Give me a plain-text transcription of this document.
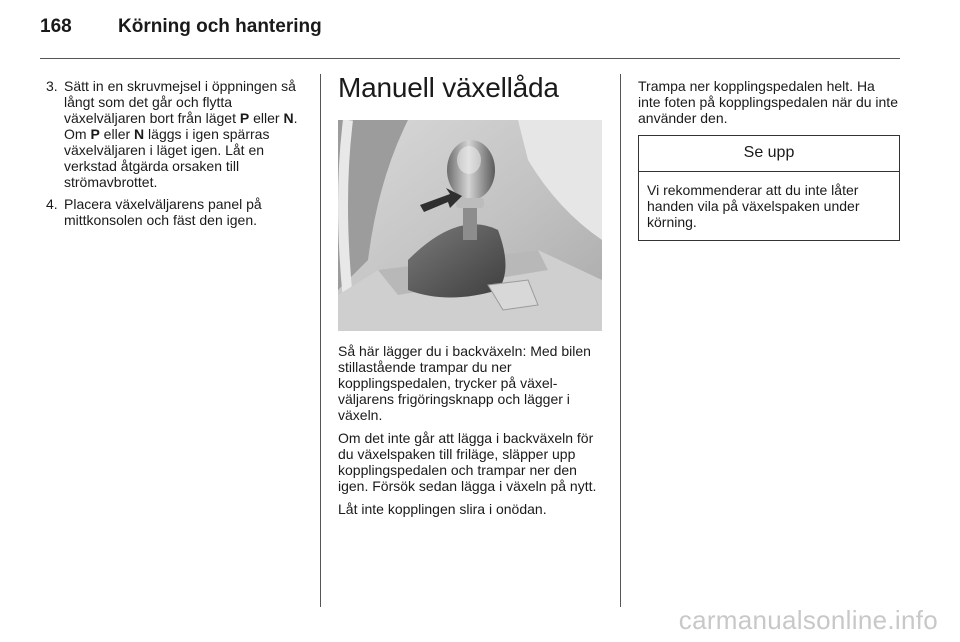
168	Körning och hantering
3. Sätt in en skruvmejsel i öppningen så långt som det går och flytta växelväljaren bort från läget P eller N. Om P eller N läggs i igen spärras växelväljaren i läget igen. Låt en verkstad åtgärda orsaken till strömavbrottet.
4. Placera växelväljarens panel på mittkonsolen och fäst den igen.
Manuell växellåda

Så här lägger du i backväxeln: Med bilen stillastående trampar du ner kopplingspedalen, trycker på växel-väljarens frigöringsknapp och lägger i växeln.

Om det inte går att lägga i backväxeln för du växelspaken till friläge, släpper upp kopplingspedalen och trampar ner den igen. Försök sedan lägga i växeln på nytt.

Låt inte kopplingen slira i onödan.

Trampa ner kopplingspedalen helt. Ha inte foten på kopplingspedalen när du inte använder den.

Se upp
Vi rekommenderar att du inte låter handen vila på växelspaken under körning.
carmanualsonline.info
